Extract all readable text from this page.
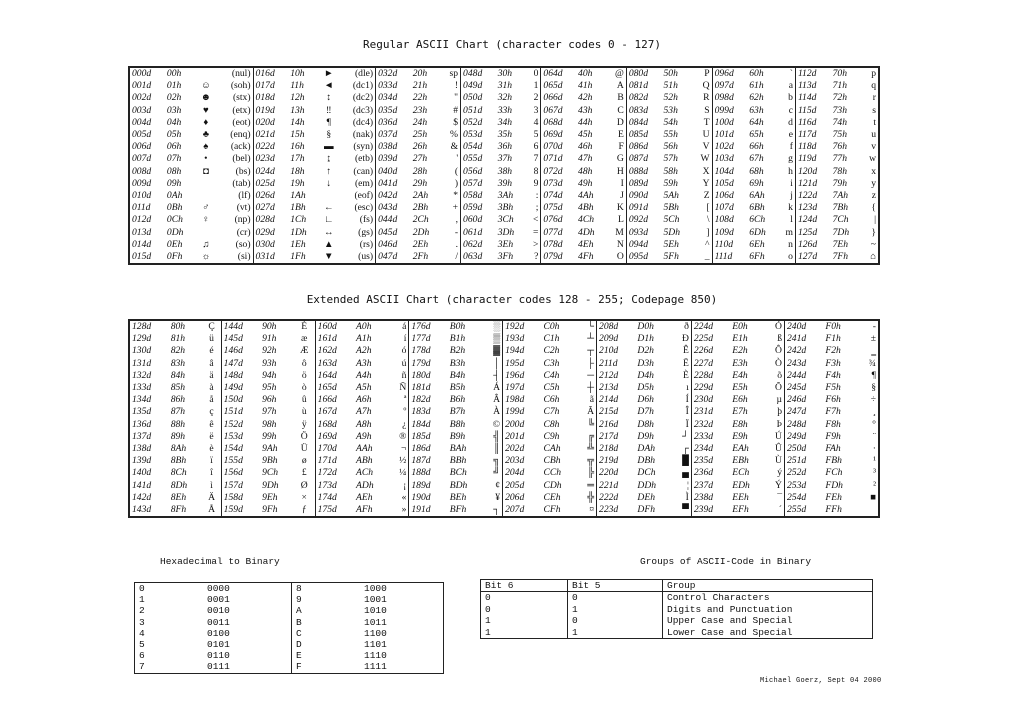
Regular ASCII Chart (character codes 0 - 127)
000d	00h		(nul)	016d	10h	►	(dle)	032d	20h	sp	048d	30h	0	064d	40h	@	080d	50h	P	096d	60h	`	112d	70h	p
001d	01h	☺	(soh)	017d	11h	◄	(dc1)	033d	21h	!	049d	31h	1	065d	41h	A	081d	51h	Q	097d	61h	a	113d	71h	q
002d	02h	☻	(stx)	018d	12h	↕	(dc2)	034d	22h	"	050d	32h	2	066d	42h	B	082d	52h	R	098d	62h	b	114d	72h	r
003d	03h	♥	(etx)	019d	13h	‼	(dc3)	035d	23h	#	051d	33h	3	067d	43h	C	083d	53h	S	099d	63h	c	115d	73h	s
004d	04h	♦	(eot)	020d	14h	¶	(dc4)	036d	24h	$	052d	34h	4	068d	44h	D	084d	54h	T	100d	64h	d	116d	74h	t
005d	05h	♣	(enq)	021d	15h	§	(nak)	037d	25h	%	053d	35h	5	069d	45h	E	085d	55h	U	101d	65h	e	117d	75h	u
006d	06h	♠	(ack)	022d	16h	▬	(syn)	038d	26h	&	054d	36h	6	070d	46h	F	086d	56h	V	102d	66h	f	118d	76h	v
007d	07h	•	(bel)	023d	17h	↨	(etb)	039d	27h	'	055d	37h	7	071d	47h	G	087d	57h	W	103d	67h	g	119d	77h	w
008d	08h	◘	(bs)	024d	18h	↑	(can)	040d	28h	(	056d	38h	8	072d	48h	H	088d	58h	X	104d	68h	h	120d	78h	x
009d	09h		(tab)	025d	19h	↓	(em)	041d	29h	)	057d	39h	9	073d	49h	I	089d	59h	Y	105d	69h	i	121d	79h	y
010d	0Ah		(lf)	026d	1Ah		(eof)	042d	2Ah	*	058d	3Ah	:	074d	4Ah	J	090d	5Ah	Z	106d	6Ah	j	122d	7Ah	z
011d	0Bh	♂	(vt)	027d	1Bh	←	(esc)	043d	2Bh	+	059d	3Bh	;	075d	4Bh	K	091d	5Bh	[	107d	6Bh	k	123d	7Bh	{
012d	0Ch	♀	(np)	028d	1Ch	∟	(fs)	044d	2Ch	,	060d	3Ch	<	076d	4Ch	L	092d	5Ch	\	108d	6Ch	l	124d	7Ch	|
013d	0Dh		(cr)	029d	1Dh	↔	(gs)	045d	2Dh	-	061d	3Dh	=	077d	4Dh	M	093d	5Dh	]	109d	6Dh	m	125d	7Dh	}
014d	0Eh	♫	(so)	030d	1Eh	▲	(rs)	046d	2Eh	.	062d	3Eh	>	078d	4Eh	N	094d	5Eh	^	110d	6Eh	n	126d	7Eh	~
015d	0Fh	☼	(si)	031d	1Fh	▼	(us)	047d	2Fh	/	063d	3Fh	?	079d	4Fh	O	095d	5Fh	_	111d	6Fh	o	127d	7Fh	⌂
Extended ASCII Chart (character codes 128 - 255; Codepage 850)
128d	80h	Ç	144d	90h	É	160d	A0h	á	176d	B0h	░	192d	C0h	└	208d	D0h	ð	224d	E0h	Ó	240d	F0h	-
129d	81h	ü	145d	91h	æ	161d	A1h	í	177d	B1h	▒	193d	C1h	┴	209d	D1h	Ð	225d	E1h	ß	241d	F1h	±
130d	82h	é	146d	92h	Æ	162d	A2h	ó	178d	B2h	▓	194d	C2h	┬	210d	D2h	Ê	226d	E2h	Ô	242d	F2h	‗
131d	83h	â	147d	93h	ô	163d	A3h	ú	179d	B3h	│	195d	C3h	├	211d	D3h	Ë	227d	E3h	Ò	243d	F3h	¾
132d	84h	ä	148d	94h	ö	164d	A4h	ñ	180d	B4h	┤	196d	C4h	─	212d	D4h	È	228d	E4h	õ	244d	F4h	¶
133d	85h	à	149d	95h	ò	165d	A5h	Ñ	181d	B5h	Á	197d	C5h	┼	213d	D5h	ı	229d	E5h	Õ	245d	F5h	§
134d	86h	å	150d	96h	û	166d	A6h	ª	182d	B6h	Â	198d	C6h	ã	214d	D6h	Í	230d	E6h	µ	246d	F6h	÷
135d	87h	ç	151d	97h	ù	167d	A7h	º	183d	B7h	À	199d	C7h	Ã	215d	D7h	Î	231d	E7h	þ	247d	F7h	¸
136d	88h	ê	152d	98h	ÿ	168d	A8h	¿	184d	B8h	©	200d	C8h	╚	216d	D8h	Ï	232d	E8h	Þ	248d	F8h	°
137d	89h	ë	153d	99h	Ö	169d	A9h	®	185d	B9h	╣	201d	C9h	╔	217d	D9h	┘	233d	E9h	Ú	249d	F9h	¨
138d	8Ah	è	154d	9Ah	Ü	170d	AAh	¬	186d	BAh	║	202d	CAh	╩	218d	DAh	┌	234d	EAh	Û	250d	FAh	·
139d	8Bh	ï	155d	9Bh	ø	171d	ABh	½	187d	BBh	╗	203d	CBh	╦	219d	DBh	█	235d	EBh	Ù	251d	FBh	¹
140d	8Ch	î	156d	9Ch	£	172d	ACh	¼	188d	BCh	╝	204d	CCh	╠	220d	DCh	▄	236d	ECh	ý	252d	FCh	³
141d	8Dh	ì	157d	9Dh	Ø	173d	ADh	¡	189d	BDh	¢	205d	CDh	═	221d	DDh	¦	237d	EDh	Ý	253d	FDh	²
142d	8Eh	Ä	158d	9Eh	×	174d	AEh	«	190d	BEh	¥	206d	CEh	╬	222d	DEh	Ì	238d	EEh	¯	254d	FEh	■
143d	8Fh	Å	159d	9Fh	ƒ	175d	AFh	»	191d	BFh	┐	207d	CFh	¤	223d	DFh	▀	239d	EFh	´	255d	FFh	
Hexadecimal to Binary
0	0000	8	1000
1	0001	9	1001
2	0010	A	1010
3	0011	B	1011
4	0100	C	1100
5	0101	D	1101
6	0110	E	1110
7	0111	F	1111
Groups of ASCII-Code in Binary
Bit 6	Bit 5	Group
0	0	Control Characters
0	1	Digits and Punctuation
1	0	Upper Case and Special
1	1	Lower Case and Special
Michael Goerz, Sept 04 2000
